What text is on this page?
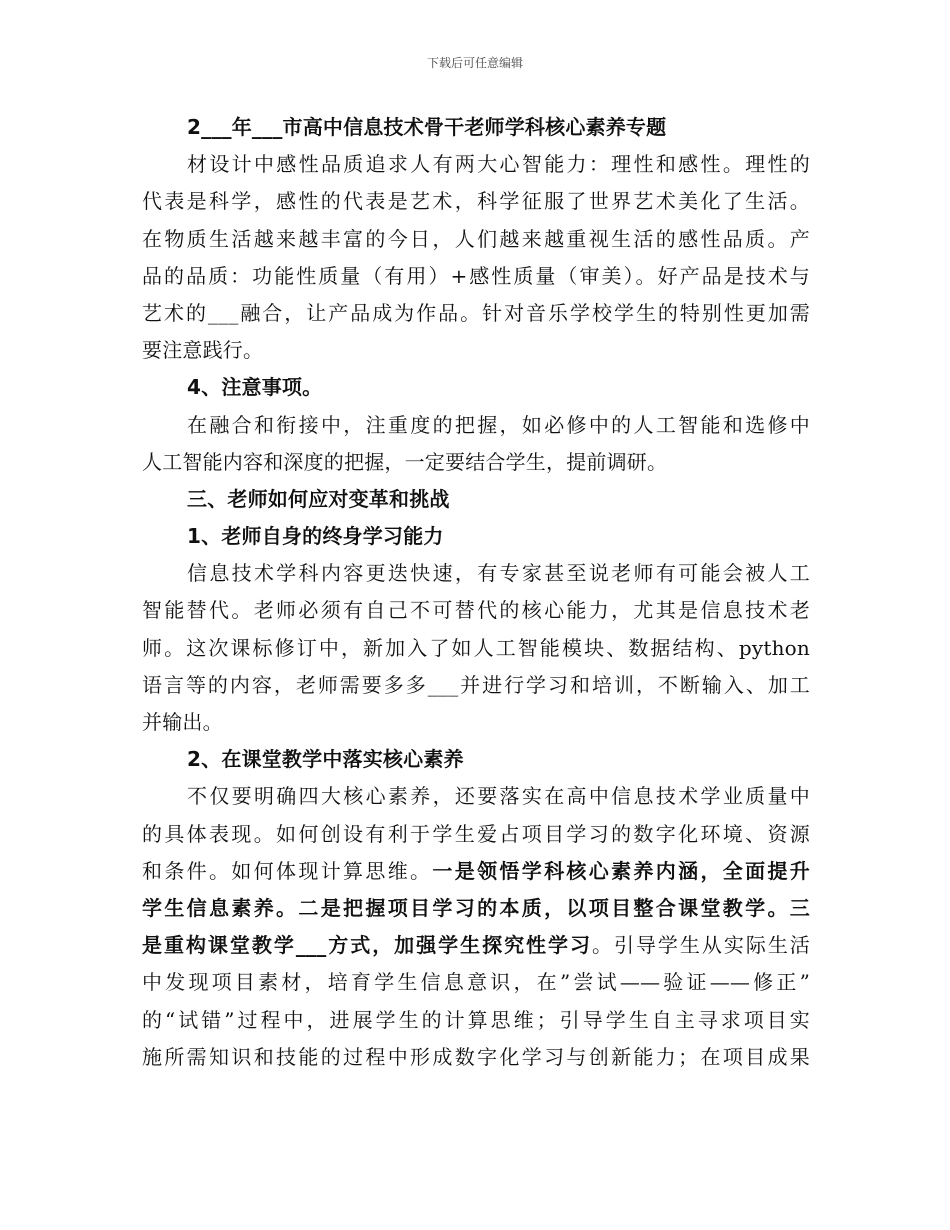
下载后可任意编辑
2___年___市高中信息技术骨干老师学科核心素养专题
材设计中感性品质追求人有两大心智能力：理性和感性。理性的
代表是科学，感性的代表是艺术，科学征服了世界艺术美化了生活。
在物质生活越来越丰富的今日，人们越来越重视生活的感性品质。产
品的品质：功能性质量（有用）+感性质量（审美）。好产品是技术与
艺术的___融合，让产品成为作品。针对音乐学校学生的特别性更加需
要注意践行。
4、注意事项。
在融合和衔接中，注重度的把握，如必修中的人工智能和选修中
人工智能内容和深度的把握，一定要结合学生，提前调研。
三、老师如何应对变革和挑战
1、老师自身的终身学习能力
信息技术学科内容更迭快速，有专家甚至说老师有可能会被人工
智能替代。老师必须有自己不可替代的核心能力，尤其是信息技术老
师。这次课标修订中，新加入了如人工智能模块、数据结构、python
语言等的内容，老师需要多多___并进行学习和培训，不断输入、加工
并输出。
2、在课堂教学中落实核心素养
不仅要明确四大核心素养，还要落实在高中信息技术学业质量中
的具体表现。如何创设有利于学生爱占项目学习的数字化环境、资源
和条件。如何体现计算思维。一是领悟学科核心素养内涵，全面提升
学生信息素养。二是把握项目学习的本质，以项目整合课堂教学。三
是重构课堂教学___方式，加强学生探究性学习。引导学生从实际生活
中发现项目素材，培育学生信息意识，在”尝试——验证——修正”
的“试错”过程中，进展学生的计算思维；引导学生自主寻求项目实
施所需知识和技能的过程中形成数字化学习与创新能力；在项目成果
